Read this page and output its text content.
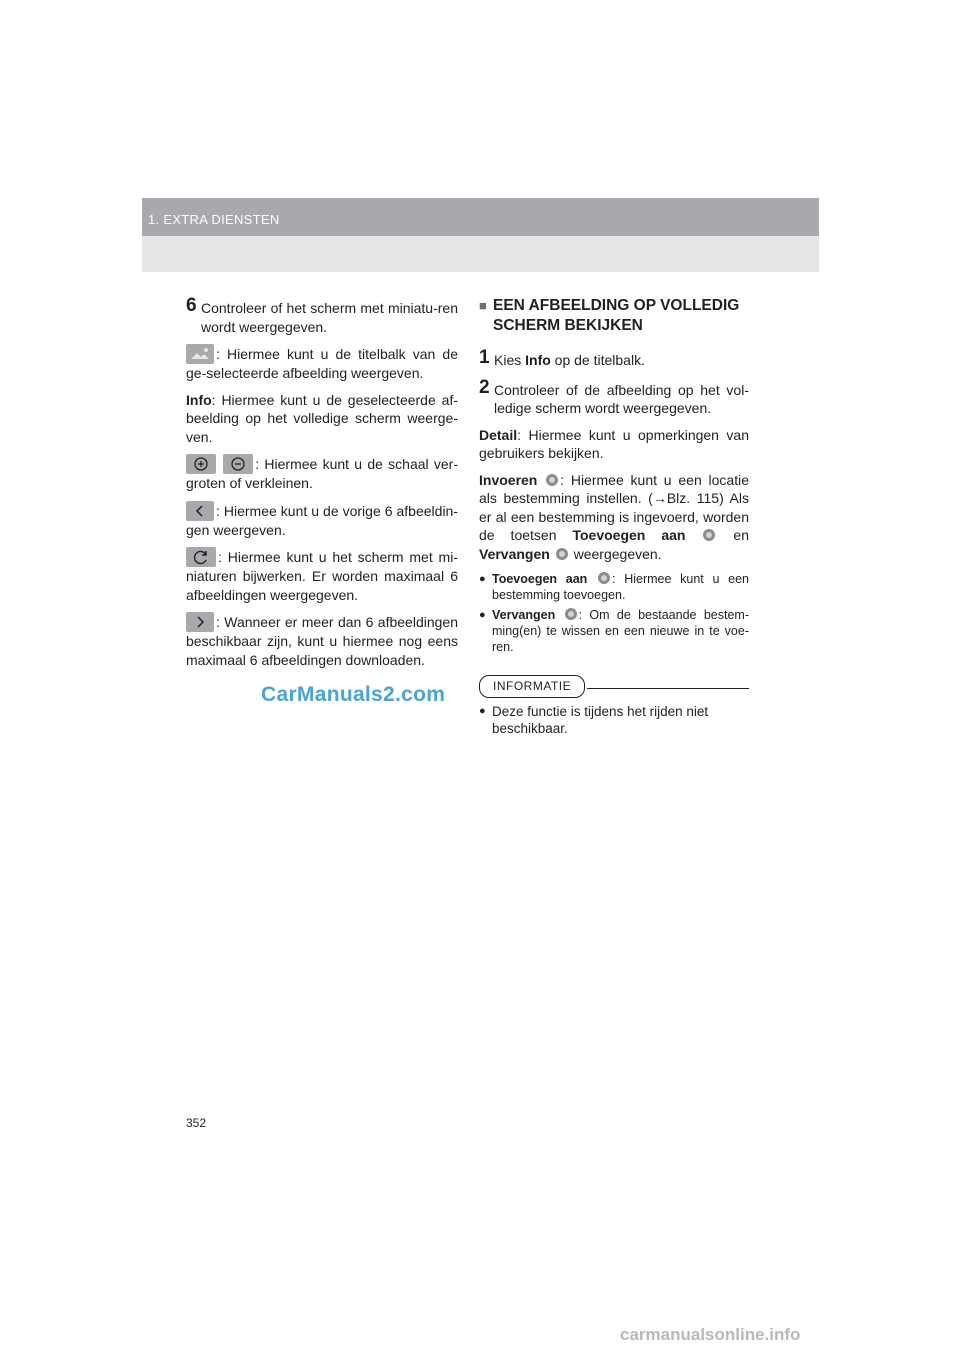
1. EXTRA DIENSTEN
6 Controleer of het scherm met miniatu-ren wordt weergegeven.

: Hiermee kunt u de titelbalk van de ge-selecteerde afbeelding weergeven.

Info: Hiermee kunt u de geselecteerde af-beelding op het volledige scherm weerge-ven.

: Hiermee kunt u de schaal ver-groten of verkleinen.

: Hiermee kunt u de vorige 6 afbeeldin-gen weergeven.

: Hiermee kunt u het scherm met mi-niaturen bijwerken. Er worden maximaal 6 afbeeldingen weergegeven.

: Wanneer er meer dan 6 afbeeldingen beschikbaar zijn, kunt u hiermee nog eens maximaal 6 afbeeldingen downloaden.

■ EEN AFBEELDING OP VOLLEDIG SCHERM BEKIJKEN
1 Kies Info op de titelbalk.
2 Controleer of de afbeelding op het vol-ledige scherm wordt weergegeven.

Detail: Hiermee kunt u opmerkingen van gebruikers bekijken.

Invoeren : Hiermee kunt u een locatie als bestemming instellen. (→Blz. 115) Als er al een bestemming is ingevoerd, worden de toetsen Toevoegen aan  en Vervangen weergegeven.

● Toevoegen aan : Hiermee kunt u een bestemming toevoegen.
● Vervangen : Om de bestaande bestem-ming(en) te wissen en een nieuwe in te voe-ren.
INFORMATIE
● Deze functie is tijdens het rijden niet beschikbaar.
CarManuals2.com
352
carmanualsonline.info
